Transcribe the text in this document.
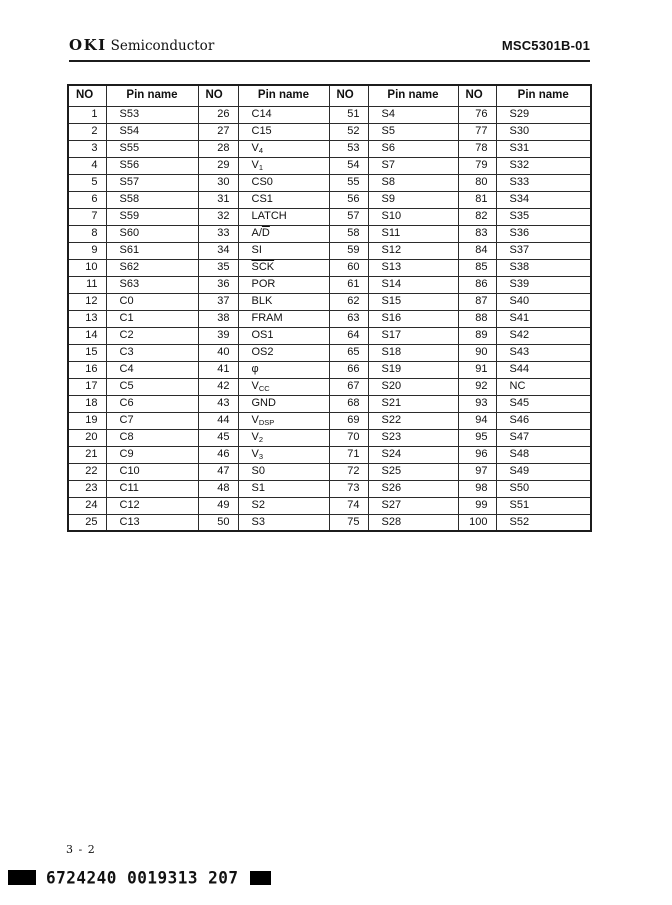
OKI Semiconductor	MSC5301B-01
NO	Pin name	NO	Pin name	NO	Pin name	NO	Pin name
1	S53	26	C14	51	S4	76	S29
2	S54	27	C15	52	S5	77	S30
3	S55	28	$V_4$	53	S6	78	S31
4	S56	29	$V_1$	54	S7	79	S32
5	S57	30	CS0	55	S8	80	S33
6	S58	31	CS1	56	S9	81	S34
7	S59	32	LATCH	57	S10	82	S35
8	S60	33	$A/\overline{D}$	58	S11	83	S36
9	S61	34	SI	59	S12	84	S37
10	S62	35	$\overline{SCK}$	60	S13	85	S38
11	S63	36	POR	61	S14	86	S39
12	C0	37	BLK	62	S15	87	S40
13	C1	38	FRAM	63	S16	88	S41
14	C2	39	OS1	64	S17	89	S42
15	C3	40	OS2	65	S18	90	S43
16	C4	41	φ	66	S19	91	S44
17	C5	42	$V_{CC}$	67	S20	92	NC
18	C6	43	GND	68	S21	93	S45
19	C7	44	$V_{DSP}$	69	S22	94	S46
20	C8	45	$V_2$	70	S23	95	S47
21	C9	46	$V_3$	71	S24	96	S48
22	C10	47	S0	72	S25	97	S49
23	C11	48	S1	73	S26	98	S50
24	C12	49	S2	74	S27	99	S51
25	C13	50	S3	75	S28	100	S52
3 - 2
6724240 0019313 207
